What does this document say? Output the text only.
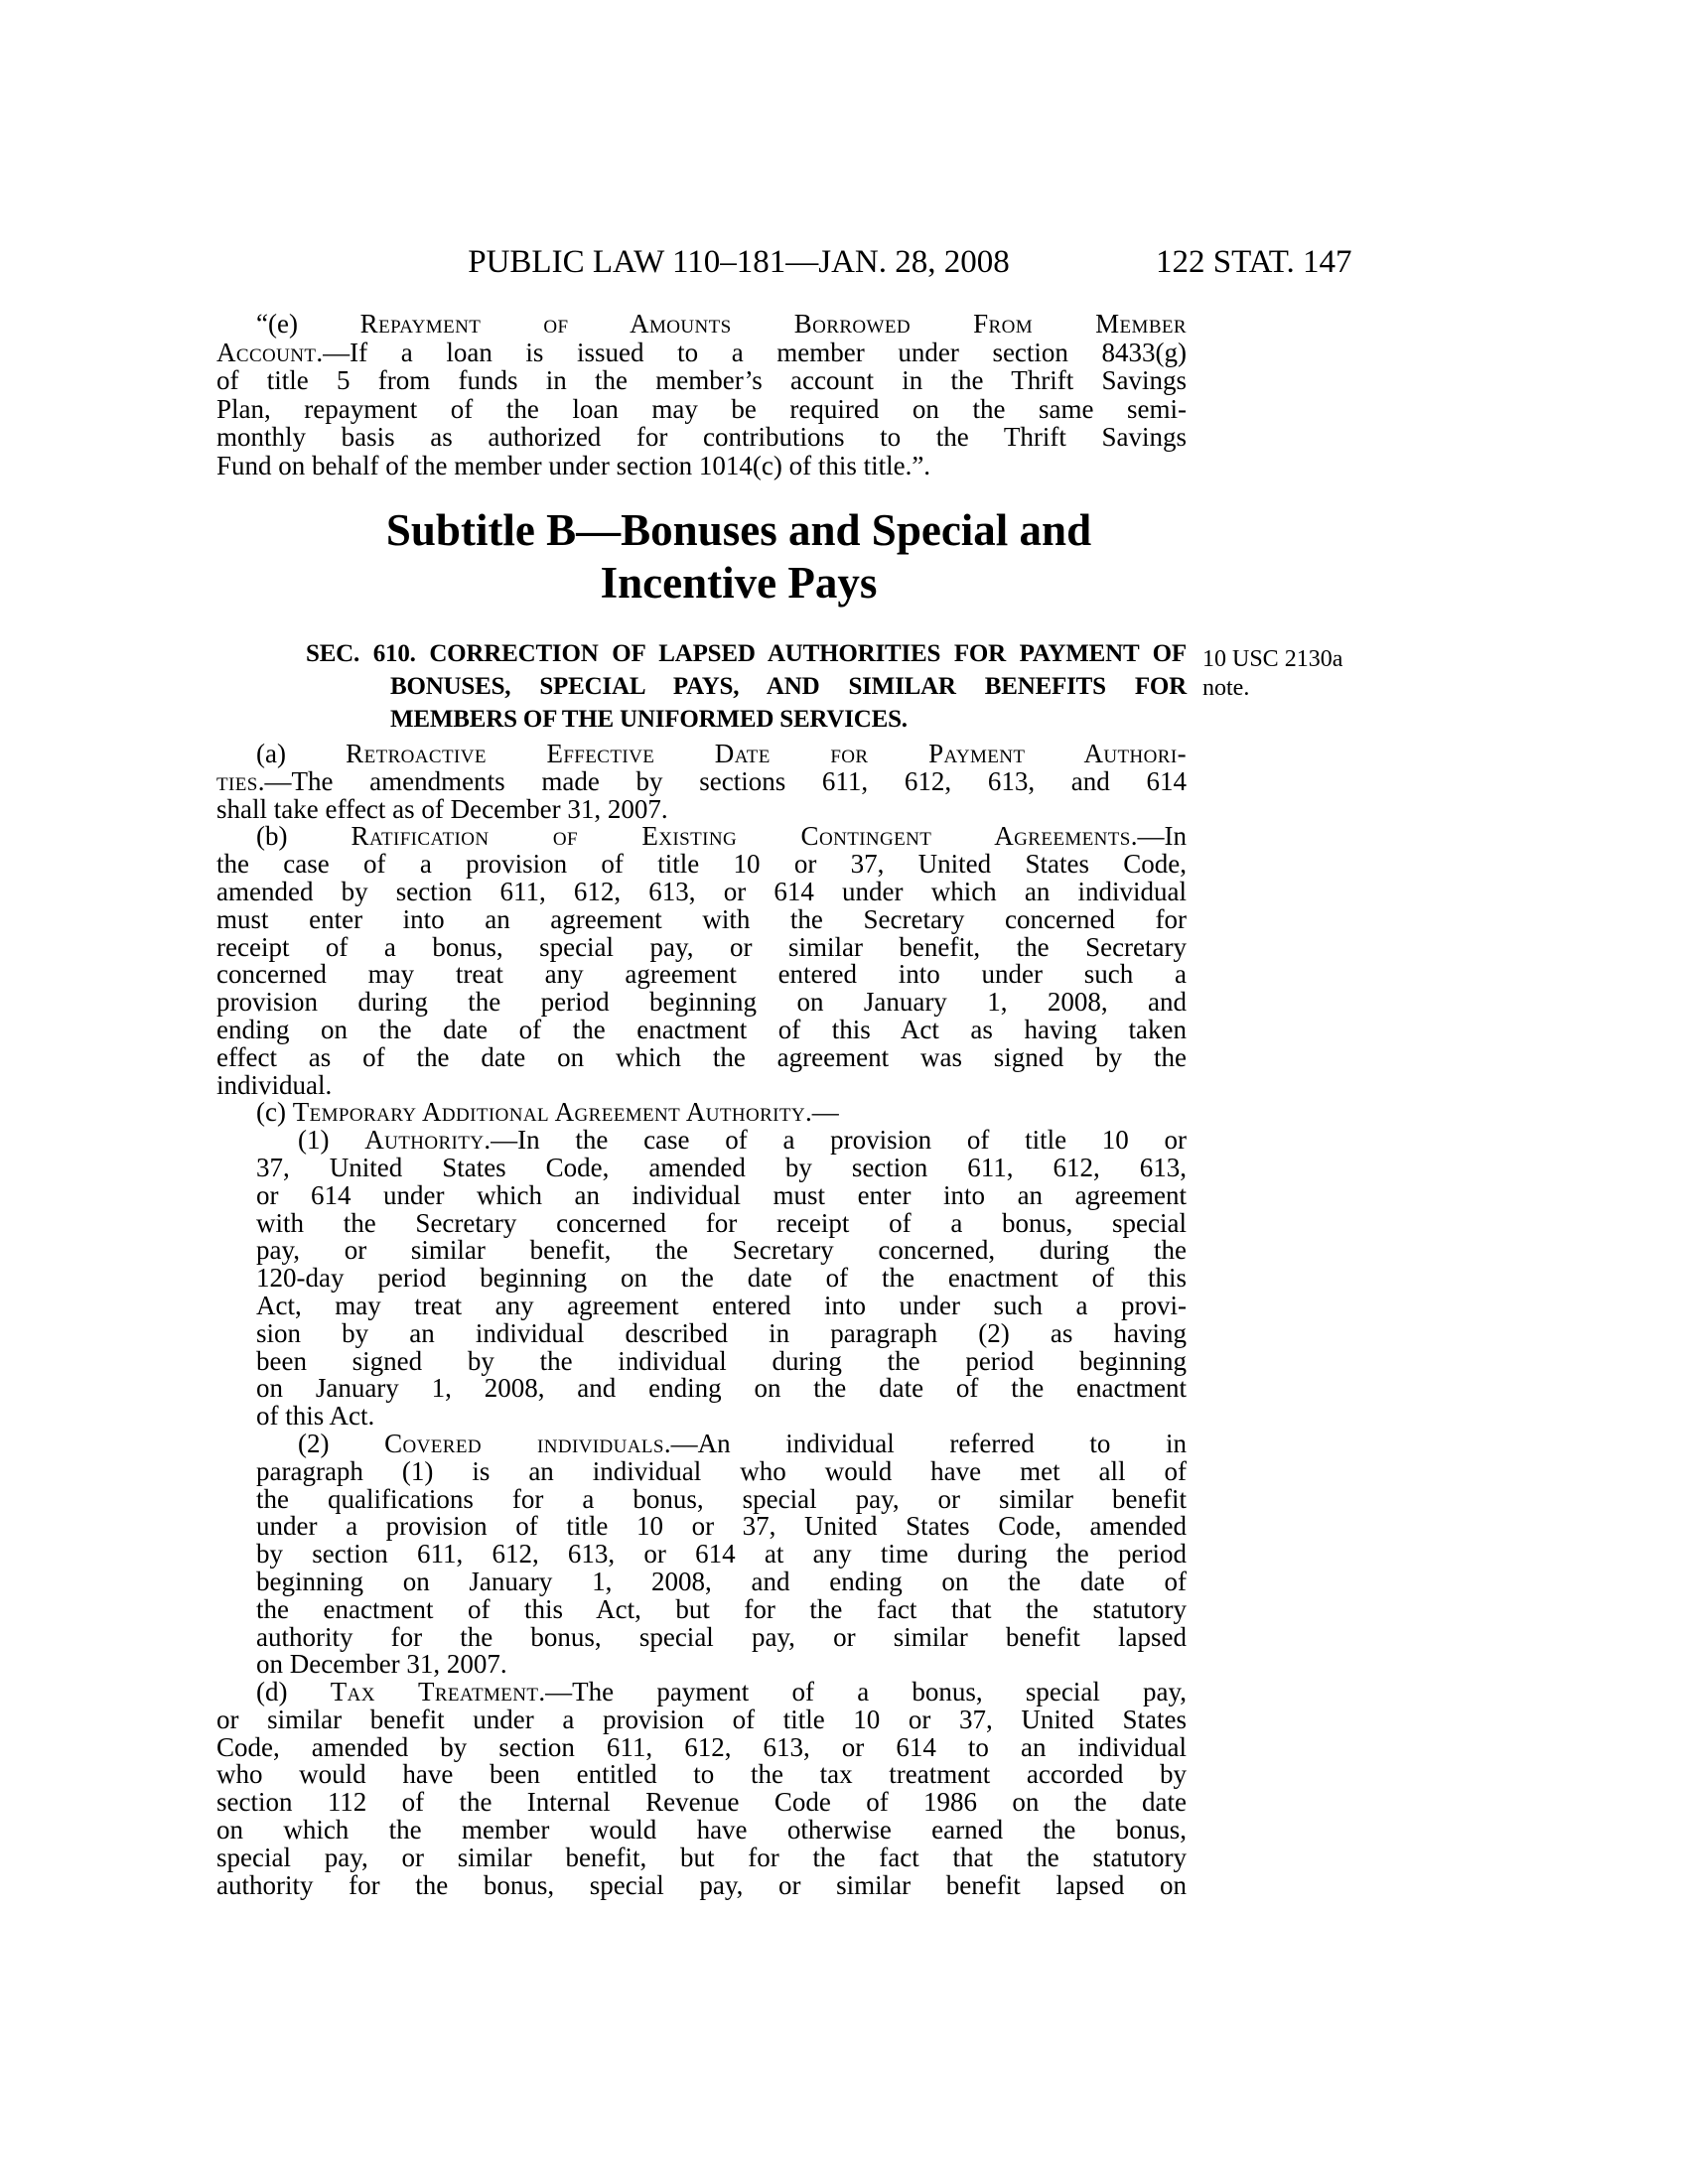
PUBLIC LAW 110–181—JAN. 28, 2008	122 STAT. 147
“(e) Repayment of Amounts Borrowed From Member
Account.—If a loan is issued to a member under section 8433(g)
of title 5 from funds in the member’s account in the Thrift Savings
Plan, repayment of the loan may be required on the same semi-
monthly basis as authorized for contributions to the Thrift Savings
Fund on behalf of the member under section 1014(c) of this title.”.
Subtitle B—Bonuses and Special and
Incentive Pays
SEC. 610. CORRECTION OF LAPSED AUTHORITIES FOR PAYMENT OF
BONUSES, SPECIAL PAYS, AND SIMILAR BENEFITS FOR
MEMBERS OF THE UNIFORMED SERVICES.
10 USC 2130a
note.
(a) Retroactive Effective Date for Payment Authori-
ties.—The amendments made by sections 611, 612, 613, and 614
shall take effect as of December 31, 2007.
(b) Ratification of Existing Contingent Agreements.—In
the case of a provision of title 10 or 37, United States Code,
amended by section 611, 612, 613, or 614 under which an individual
must enter into an agreement with the Secretary concerned for
receipt of a bonus, special pay, or similar benefit, the Secretary
concerned may treat any agreement entered into under such a
provision during the period beginning on January 1, 2008, and
ending on the date of the enactment of this Act as having taken
effect as of the date on which the agreement was signed by the
individual.
(c) Temporary Additional Agreement Authority.—
(1) Authority.—In the case of a provision of title 10 or
37, United States Code, amended by section 611, 612, 613,
or 614 under which an individual must enter into an agreement
with the Secretary concerned for receipt of a bonus, special
pay, or similar benefit, the Secretary concerned, during the
120-day period beginning on the date of the enactment of this
Act, may treat any agreement entered into under such a provi-
sion by an individual described in paragraph (2) as having
been signed by the individual during the period beginning
on January 1, 2008, and ending on the date of the enactment
of this Act.
(2) Covered individuals.—An individual referred to in
paragraph (1) is an individual who would have met all of
the qualifications for a bonus, special pay, or similar benefit
under a provision of title 10 or 37, United States Code, amended
by section 611, 612, 613, or 614 at any time during the period
beginning on January 1, 2008, and ending on the date of
the enactment of this Act, but for the fact that the statutory
authority for the bonus, special pay, or similar benefit lapsed
on December 31, 2007.
(d) Tax Treatment.—The payment of a bonus, special pay,
or similar benefit under a provision of title 10 or 37, United States
Code, amended by section 611, 612, 613, or 614 to an individual
who would have been entitled to the tax treatment accorded by
section 112 of the Internal Revenue Code of 1986 on the date
on which the member would have otherwise earned the bonus,
special pay, or similar benefit, but for the fact that the statutory
authority for the bonus, special pay, or similar benefit lapsed on
